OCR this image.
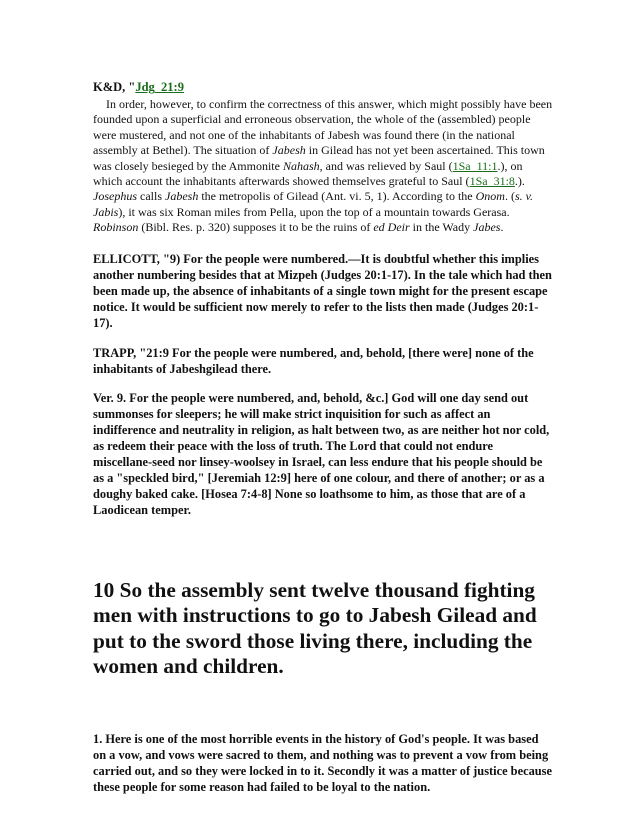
K&D, "Jdg_21:9

In order, however, to confirm the correctness of this answer, which might possibly have been founded upon a superficial and erroneous observation, the whole of the (assembled) people were mustered, and not one of the inhabitants of Jabesh was found there (in the national assembly at Bethel). The situation of Jabesh in Gilead has not yet been ascertained. This town was closely besieged by the Ammonite Nahash, and was relieved by Saul (1Sa_11:1.), on which account the inhabitants afterwards showed themselves grateful to Saul (1Sa_31:8.). Josephus calls Jabesh the metropolis of Gilead (Ant. vi. 5, 1). According to the Onom. (s. v. Jabis), it was six Roman miles from Pella, upon the top of a mountain towards Gerasa. Robinson (Bibl. Res. p. 320) supposes it to be the ruins of ed Deir in the Wady Jabes.

ELLICOTT, "9) For the people were numbered.—It is doubtful whether this implies another numbering besides that at Mizpeh (Judges 20:1-17). In the tale which had then been made up, the absence of inhabitants of a single town might for the present escape notice. It would be sufficient now merely to refer to the lists then made (Judges 20:1-17).

TRAPP, "21:9 For the people were numbered, and, behold, [there were] none of the inhabitants of Jabeshgilead there.

Ver. 9. For the people were numbered, and, behold, &c.] God will one day send out summonses for sleepers; he will make strict inquisition for such as affect an indifference and neutrality in religion, as halt between two, as are neither hot nor cold, as redeem their peace with the loss of truth. The Lord that could not endure miscellane-seed nor linsey-woolsey in Israel, can less endure that his people should be as a "speckled bird," [Jeremiah 12:9] here of one colour, and there of another; or as a doughy baked cake. [Hosea 7:4-8] None so loathsome to him, as those that are of a Laodicean temper.

10 So the assembly sent twelve thousand fighting men with instructions to go to Jabesh Gilead and put to the sword those living there, including the women and children.

1. Here is one of the most horrible events in the history of God's people. It was based on a vow, and vows were sacred to them, and nothing was to prevent a vow from being carried out, and so they were locked in to it. Secondly it was a matter of justice because these people for some reason had failed to be loyal to the nation.
